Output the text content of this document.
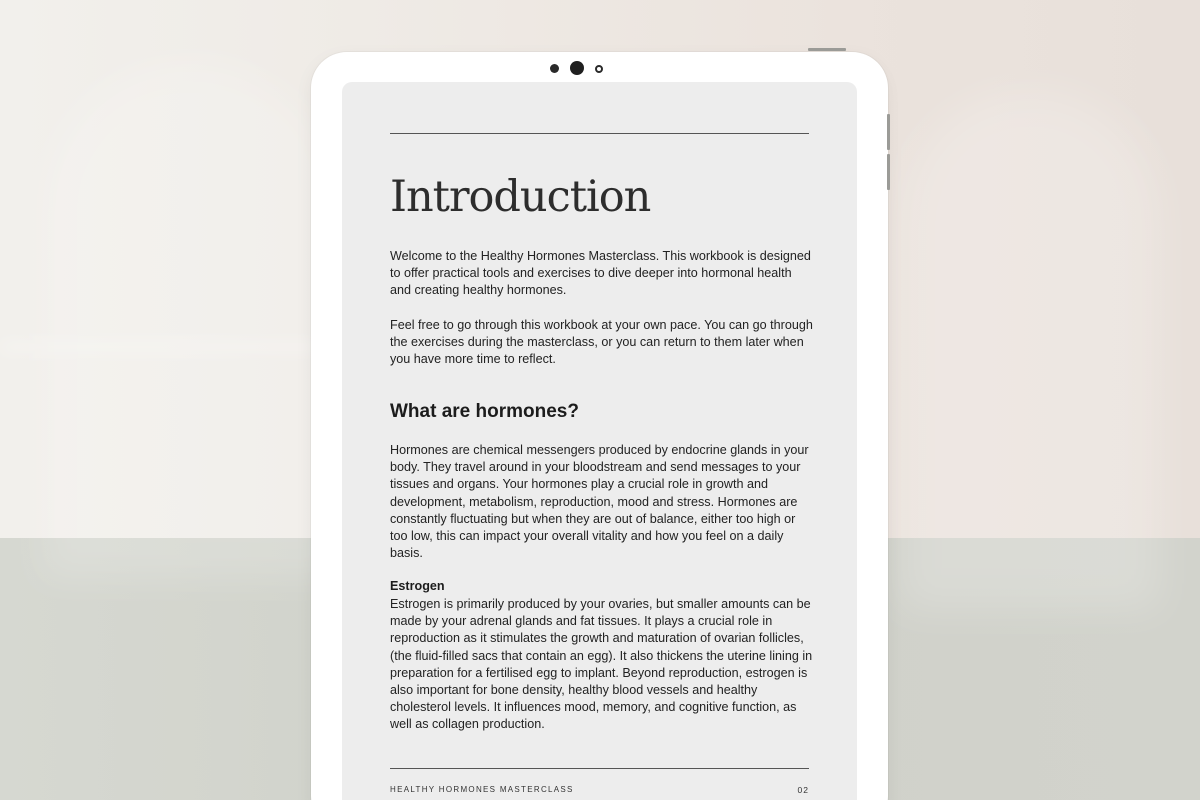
Introduction

Welcome to the Healthy Hormones Masterclass. This workbook is designed to offer practical tools and exercises to dive deeper into hormonal health and creating healthy hormones.

Feel free to go through this workbook at your own pace. You can go through the exercises during the masterclass, or you can return to them later when you have more time to reflect.

What are hormones?

Hormones are chemical messengers produced by endocrine glands in your body. They travel around in your bloodstream and send messages to your tissues and organs. Your hormones play a crucial role in growth and development, metabolism, reproduction, mood and stress. Hormones are constantly fluctuating but when they are out of balance, either too high or too low, this can impact your overall vitality and how you feel on a daily basis.

Estrogen

Estrogen is primarily produced by your ovaries, but smaller amounts can be made by your adrenal glands and fat tissues. It plays a crucial role in reproduction as it stimulates the growth and maturation of ovarian follicles, (the fluid-filled sacs that contain an egg). It also thickens the uterine lining in preparation for a fertilised egg to implant. Beyond reproduction, estrogen is also important for bone density, healthy blood vessels and healthy cholesterol levels. It influences mood, memory, and cognitive function, as well as collagen production.

HEALTHY HORMONES MASTERCLASS	02
